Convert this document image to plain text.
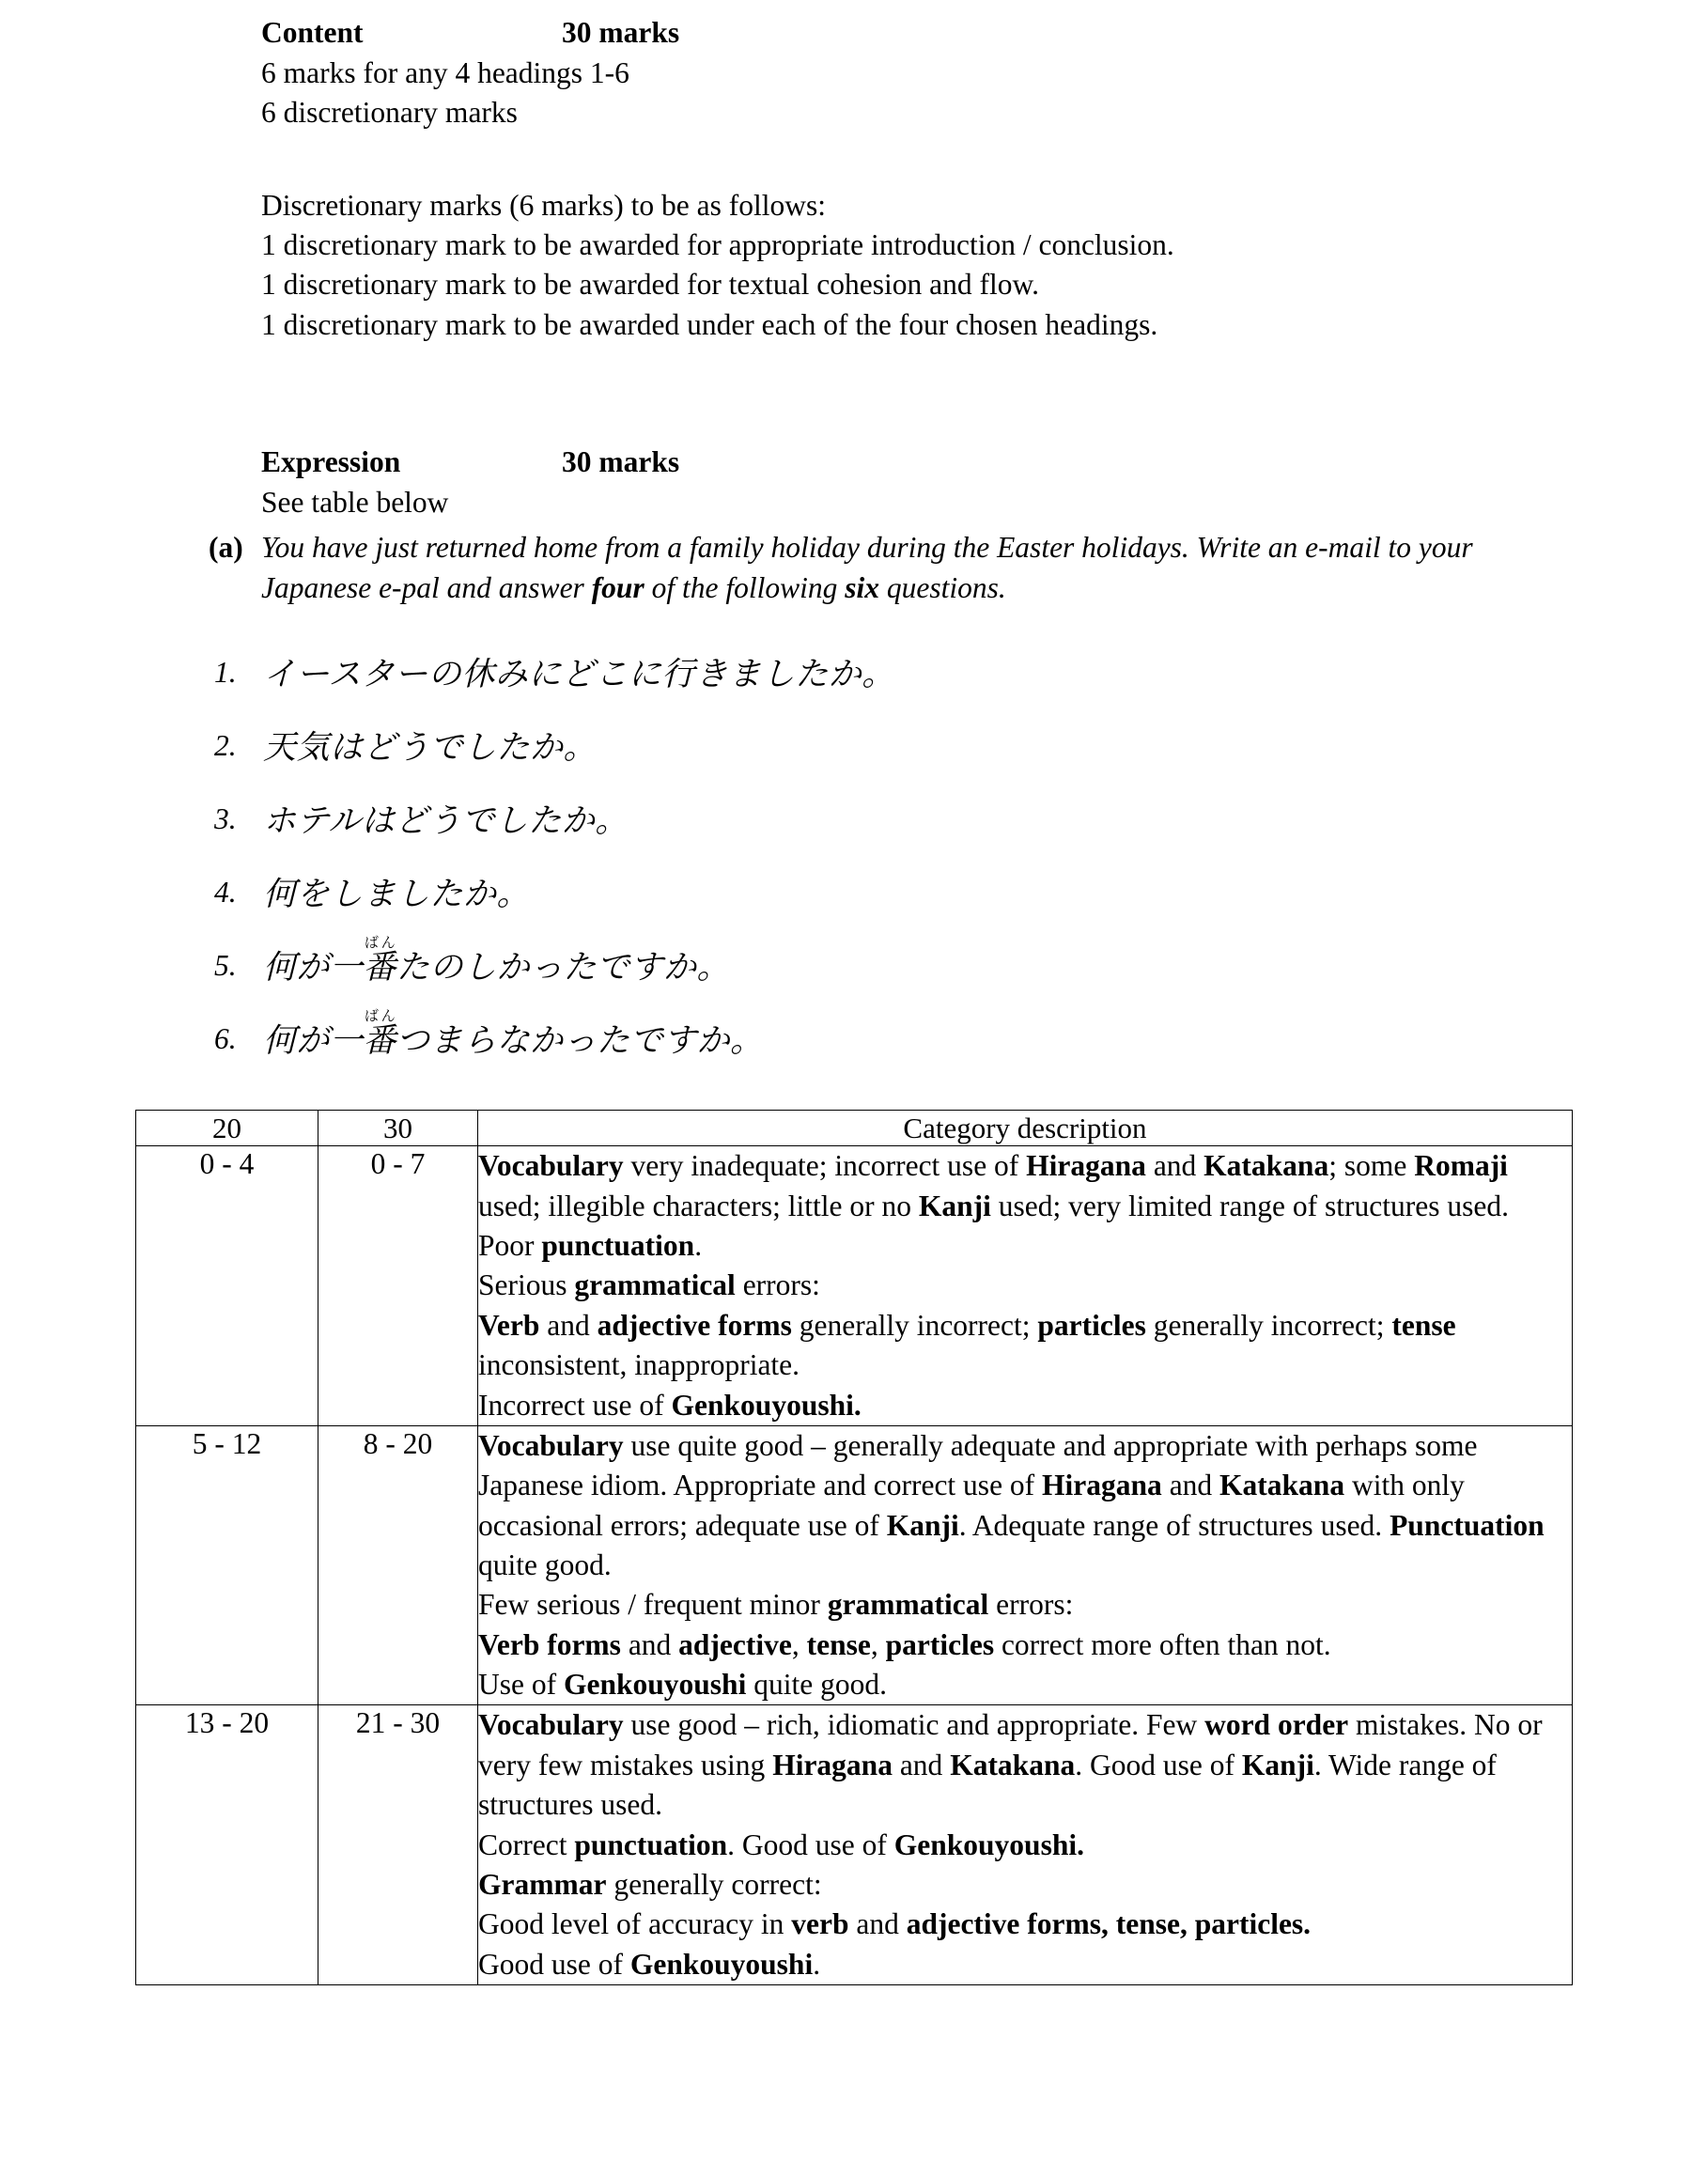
Content	30 marks
6 marks for any 4 headings 1-6
6 discretionary marks
Discretionary marks (6 marks) to be as follows:
1 discretionary mark to be awarded for appropriate introduction / conclusion.
1 discretionary mark to be awarded for textual cohesion and flow.
1 discretionary mark to be awarded under each of the four chosen headings.
Expression	30 marks
See table below
(a) You have just returned home from a family holiday during the Easter holidays. Write an e-mail to your Japanese e-pal and answer four of the following six questions.
1. イースターの休みにどこに行きましたか。
2. 天気はどうでしたか。
3. ホテルはどうでしたか。
4. 何をしましたか。
5. 何が一番ばんたのしかったですか。
6. 何が一番ばんつまらなかったですか。
20	30	Category description
0 - 4	0 - 7	Vocabulary very inadequate; incorrect use of Hiragana and Katakana; some Romaji used; illegible characters; little or no Kanji used; very limited range of structures used.
Poor punctuation.
Serious grammatical errors:
Verb and adjective forms generally incorrect; particles generally incorrect; tense inconsistent, inappropriate.
Incorrect use of Genkouyoushi.

5 - 12	8 - 20	Vocabulary use quite good – generally adequate and appropriate with perhaps some Japanese idiom. Appropriate and correct use of Hiragana and Katakana with only occasional errors; adequate use of Kanji. Adequate range of structures used. Punctuation quite good.
Few serious / frequent minor grammatical errors:
Verb forms and adjective, tense, particles correct more often than not.
Use of Genkouyoushi quite good.

13 - 20	21 - 30	Vocabulary use good – rich, idiomatic and appropriate. Few word order mistakes. No or very few mistakes using Hiragana and Katakana. Good use of Kanji. Wide range of structures used.
Correct punctuation. Good use of Genkouyoushi.
Grammar generally correct:
Good level of accuracy in verb and adjective forms, tense, particles.
Good use of Genkouyoushi.
